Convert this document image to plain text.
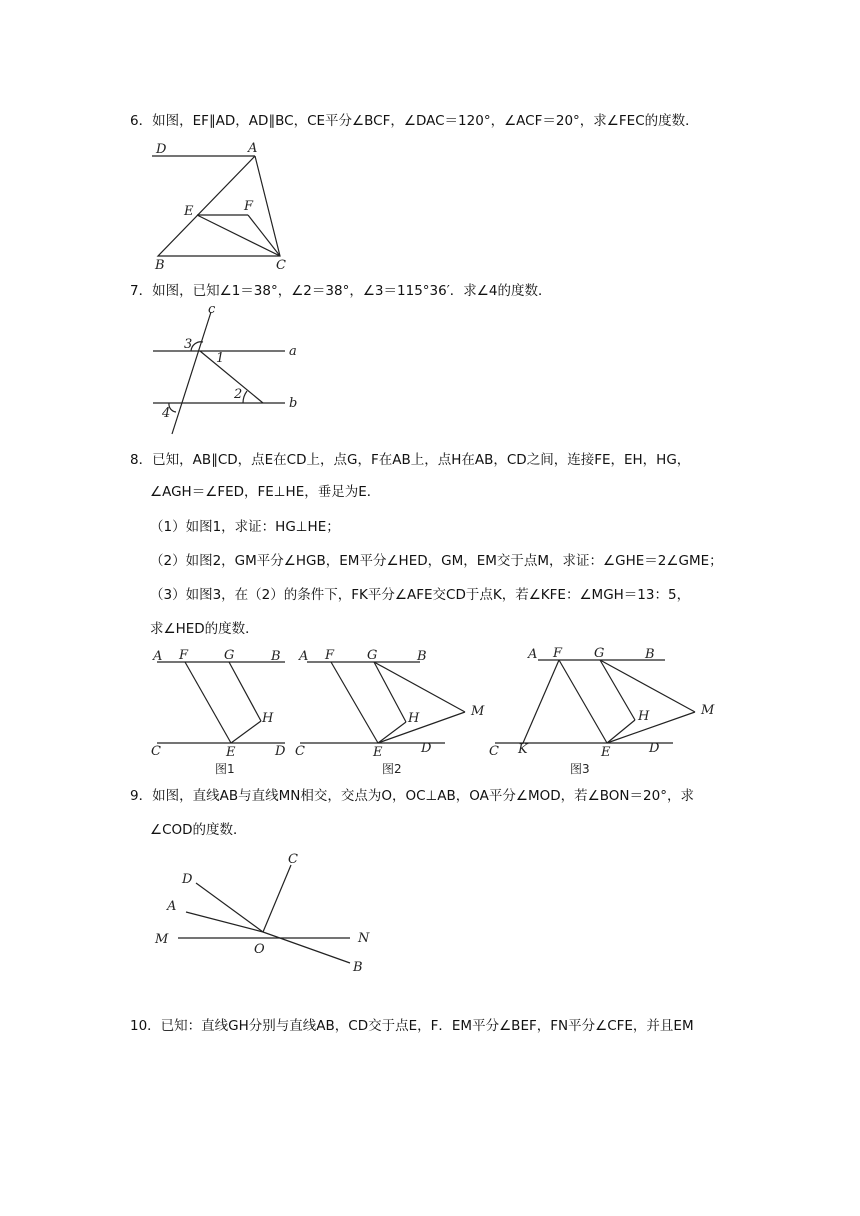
6．如图，EF∥AD，AD∥BC，CE平分∠BCF，∠DAC＝120°，∠ACF＝20°，求∠FEC的度数．
D	A
E	F
B	C
7．如图，已知∠1＝38°，∠2＝38°，∠3＝115°36′．求∠4的度数．
c
a
b
1
2
3
4
8．已知，AB∥CD，点E在CD上，点G，F在AB上，点H在AB，CD之间，连接FE，EH，HG，
∠AGH＝∠FED，FE⊥HE，垂足为E．
（1）如图1，求证：HG⊥HE；
（2）如图2，GM平分∠HGB，EM平分∠HED，GM，EM交于点M，求证：∠GHE＝2∠GME；
（3）如图3，在（2）的条件下，FK平分∠AFE交CD于点K，若∠KFE：∠MGH＝13：5，
求∠HED的度数．
A F	G	B
H
C	E	D
图1
A F	G	B
H	M
C	E	D
图2
A F G	B
H	M
C K	E	D
图3
9．如图，直线AB与直线MN相交，交点为O，OC⊥AB，OA平分∠MOD，若∠BON＝20°，求
∠COD的度数．
C
D
A
M
O
N
B
10．已知：直线GH分别与直线AB，CD交于点E，F．EM平分∠BEF，FN平分∠CFE，并且EM
